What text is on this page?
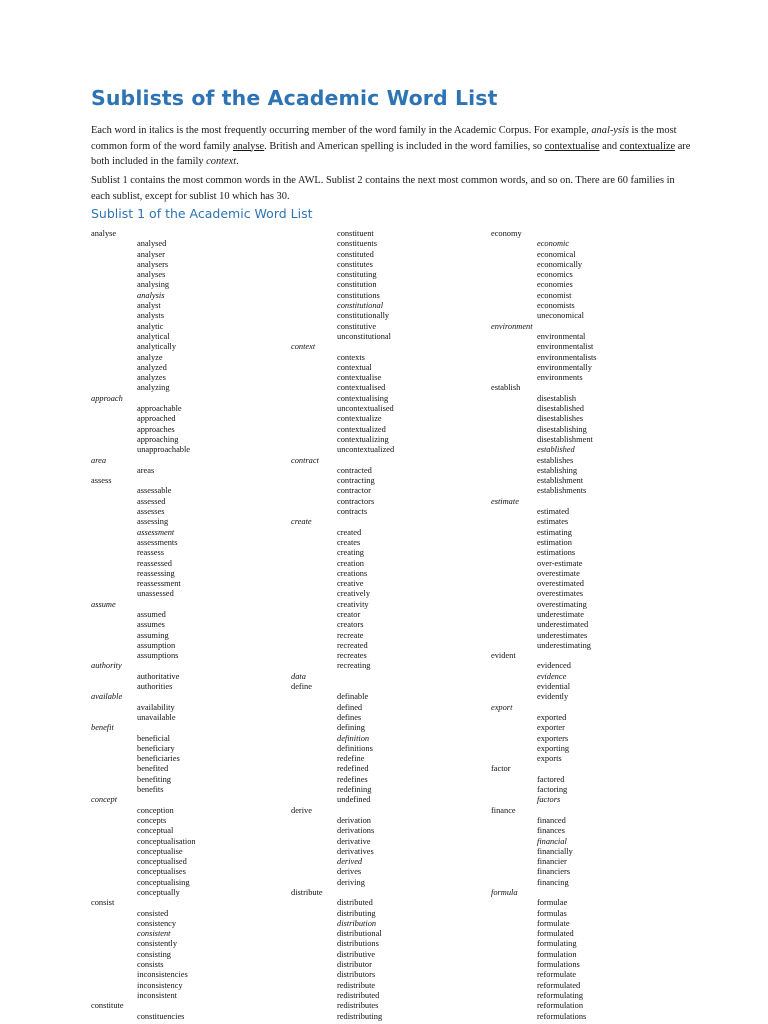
Sublists of the Academic Word List

Each word in italics is the most frequently occurring member of the word family in the Academic Corpus. For example, anal-ysis is the most common form of the word family analyse. British and American spelling is included in the word families, so contextualise and contextualize are both included in the family context.

Sublist 1 contains the most common words in the AWL. Sublist 2 contains the next most common words, and so on. There are 60 families in each sublist, except for sublist 10 which has 30.

Sublist 1 of the Academic Word List
analyse
analysed
analyser
analysers
analyses
analysing
analysis
analyst
analysts
analytic
analytical
analytically
analyze
analyzed
analyzes
analyzing
approach
approachable
approached
approaches
approaching
unapproachable
area
areas
assess
assessable
assessed
assesses
assessing
assessment
assessments
reassess
reassessed
reassessing
reassessment
unassessed
assume
assumed
assumes
assuming
assumption
assumptions
authority
authoritative
authorities
available
availability
unavailable
benefit
beneficial
beneficiary
beneficiaries
benefited
benefiting
benefits
concept
conception
concepts
conceptual
conceptualisation
conceptualise
conceptualised
conceptualises
conceptualising
conceptually
consist
consisted
consistency
consistent
consistently
consisting
consists
inconsistencies
inconsistency
inconsistent
constitute
constituencies
constituent
constituents
constituted
constitutes
constituting
constitution
constitutions
constitutional
constitutionally
constitutive
unconstitutional
context
contexts
contextual
contextualise
contextualised
contextualising
uncontextualised
contextualize
contextualized
contextualizing
uncontextualized
contract
contracted
contracting
contractor
contractors
contracts
create
created
creates
creating
creation
creations
creative
creatively
creativity
creator
creators
recreate
recreated
recreates
recreating
data
define
definable
defined
defines
defining
definition
definitions
redefine
redefined
redefines
redefining
undefined
derive
derivation
derivations
derivative
derivatives
derived
derives
deriving
distribute
distributed
distributing
distribution
distributional
distributions
distributive
distributor
distributors
redistribute
redistributed
redistributes
redistributing
economy
economic
economical
economically
economics
economies
economist
economists
uneconomical
environment
environmental
environmentalist
environmentalists
environmentally
environments
establish
disestablish
disestablished
disestablishes
disestablishing
disestablishment
established
establishes
establishing
establishment
establishments
estimate
estimated
estimates
estimating
estimation
estimations
over-estimate
overestimate
overestimated
overestimates
overestimating
underestimate
underestimated
underestimates
underestimating
evident
evidenced
evidence
evidential
evidently
export
exported
exporter
exporters
exporting
exports
factor
factored
factoring
factors
finance
financed
finances
financial
financially
financier
financiers
financing
formula
formulae
formulas
formulate
formulated
formulating
formulation
formulations
reformulate
reformulated
reformulating
reformulation
reformulations
